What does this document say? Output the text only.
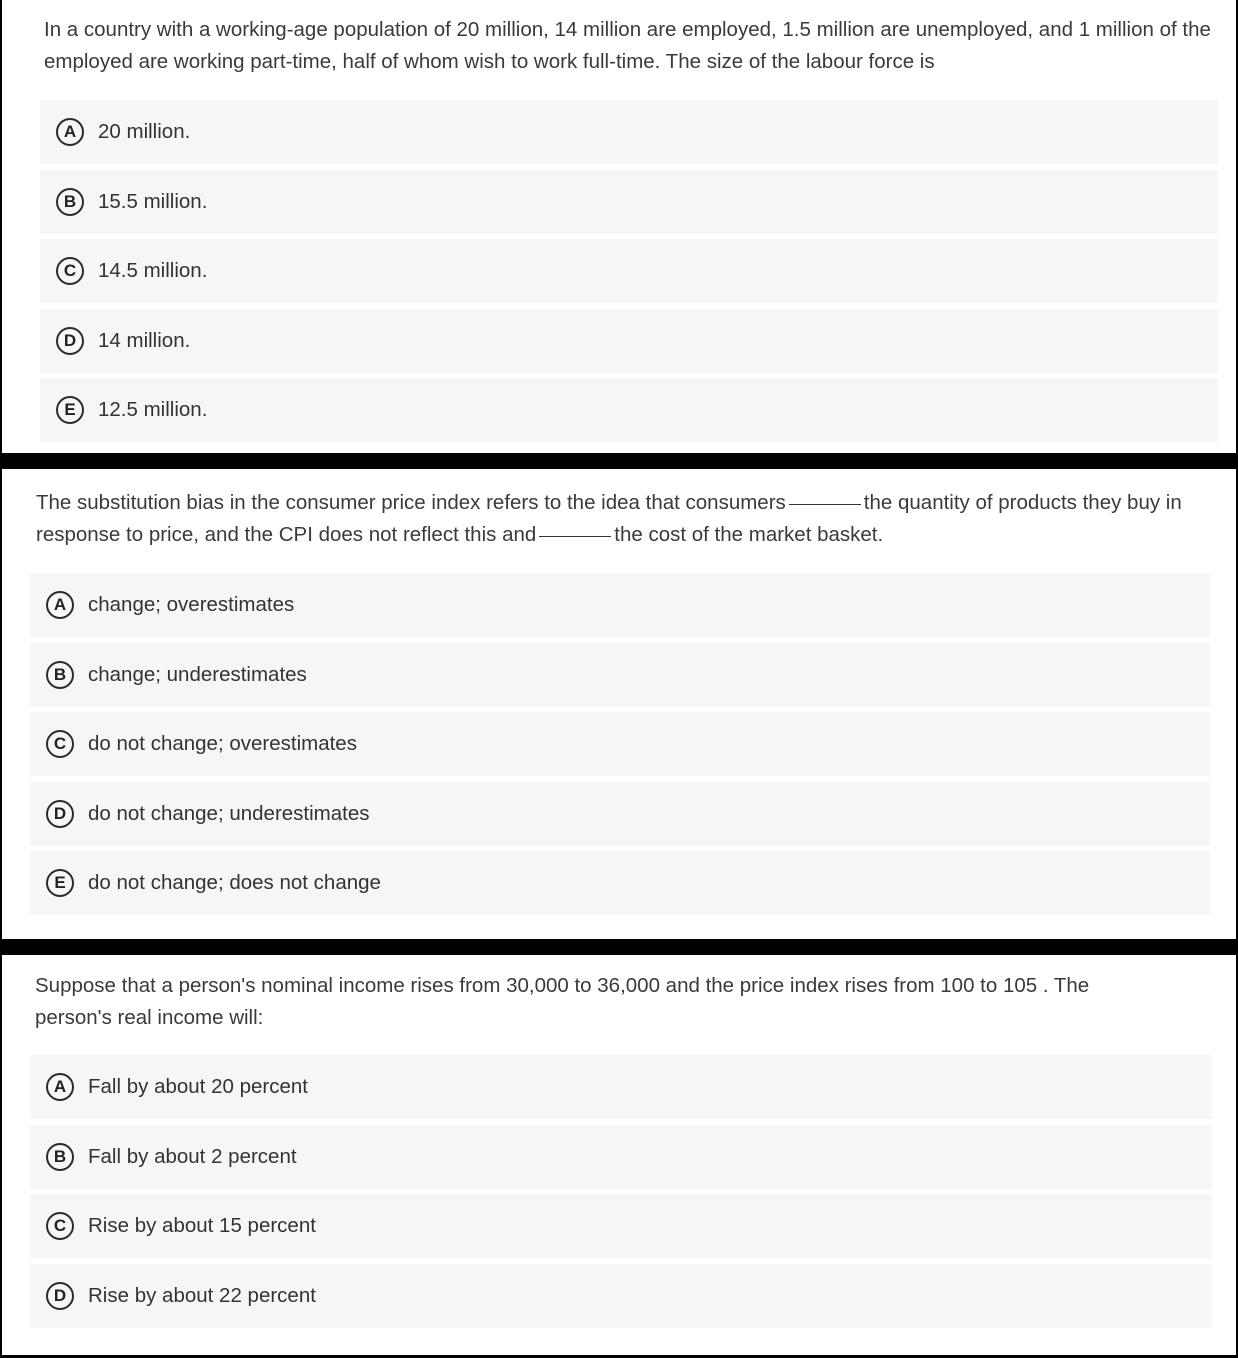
In a country with a working-age population of 20 million, 14 million are employed, 1.5 million are unemployed, and 1 million of the employed are working part-time, half of whom wish to work full-time. The size of the labour force is

A	20 million.
B	15.5 million.
C	14.5 million.
D	14 million.
E	12.5 million.

The substitution bias in the consumer price index refers to the idea that consumers	the quantity of products they buy in response to price, and the CPI does not reflect this and	the cost of the market basket.

A	change; overestimates
B	change; underestimates
C	do not change; overestimates
D	do not change; underestimates
E	do not change; does not change

Suppose that a person's nominal income rises from 30,000 to 36,000 and the price index rises from 100 to 105 . The person's real income will:

A	Fall by about 20 percent
B	Fall by about 2 percent
C	Rise by about 15 percent
D	Rise by about 22 percent
